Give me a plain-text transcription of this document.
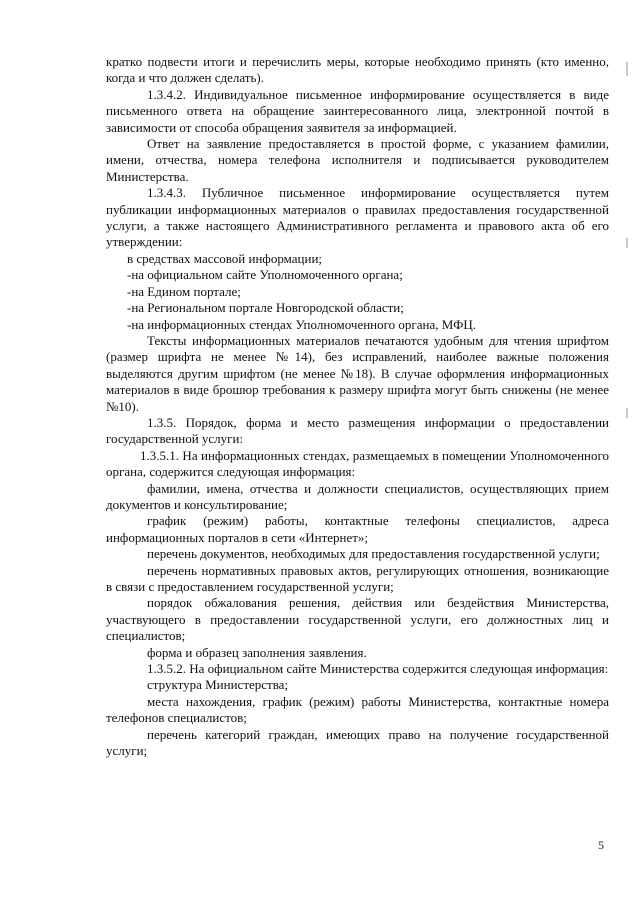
кратко подвести итоги и перечислить меры, которые необходимо принять (кто именно, когда и что должен сделать).

1.3.4.2. Индивидуальное письменное информирование осуществляется в виде письменного ответа на обращение заинтересованного лица, электронной почтой в зависимости от способа обращения заявителя за информацией.

Ответ на заявление предоставляется в простой форме, с указанием фамилии, имени, отчества, номера телефона исполнителя и подписывается руководителем Министерства.

1.3.4.3. Публичное письменное информирование осуществляется путем публикации информационных материалов о правилах предоставления государственной услуги, а также настоящего Административного регламента и правового акта об его утверждении:

в средствах массовой информации;

-на официальном сайте Уполномоченного органа;

-на Едином портале;

-на Региональном портале Новгородской области;

-на информационных стендах Уполномоченного органа, МФЦ.

Тексты информационных материалов печатаются удобным для чтения шрифтом (размер шрифта не менее №14), без исправлений, наиболее важные положения выделяются другим шрифтом (не менее №18). В случае оформления информационных материалов в виде брошюр требования к размеру шрифта могут быть снижены (не менее №10).

1.3.5. Порядок, форма и место размещения информации о предоставлении государственной услуги:

1.3.5.1. На информационных стендах, размещаемых в помещении Уполномоченного органа, содержится следующая информация:

фамилии, имена, отчества и должности специалистов, осуществляющих прием документов и консультирование;

график (режим) работы, контактные телефоны специалистов, адреса информационных порталов в сети «Интернет»;

перечень документов, необходимых для предоставления государственной услуги;

перечень нормативных правовых актов, регулирующих отношения, возникающие в связи с предоставлением государственной услуги;

порядок обжалования решения, действия или бездействия Министерства, участвующего в предоставлении государственной услуги, его должностных лиц и специалистов;

форма и образец заполнения заявления.

1.3.5.2. На официальном сайте Министерства содержится следующая информация:

структура Министерства;

места нахождения, график (режим) работы Министерства, контактные номера телефонов специалистов;

перечень категорий граждан, имеющих право на получение государственной услуги;

5
